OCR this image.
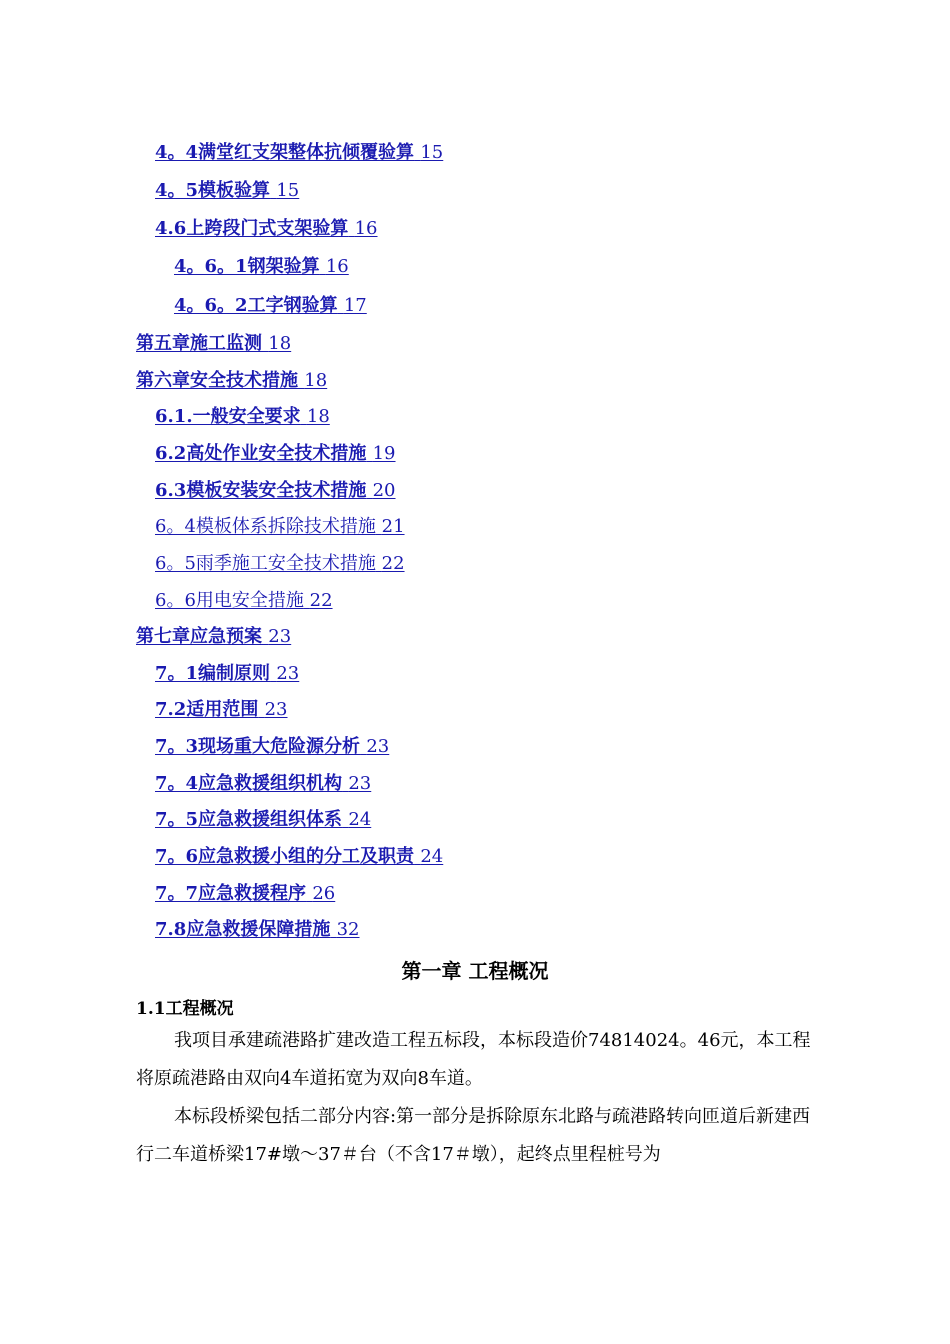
4。4满堂红支架整体抗倾覆验算 15
4。5模板验算 15
4.6上跨段门式支架验算 16
4。6。1钢架验算 16
4。6。2工字钢验算 17
第五章施工监测 18
第六章安全技术措施 18
6.1.一般安全要求 18
6.2高处作业安全技术措施 19
6.3模板安装安全技术措施 20
6。4模板体系拆除技术措施 21
6。5雨季施工安全技术措施 22
6。6用电安全措施 22
第七章应急预案 23
7。1编制原则 23
7.2适用范围 23
7。3现场重大危险源分析 23
7。4应急救援组织机构 23
7。5应急救援组织体系 24
7。6应急救援小组的分工及职责 24
7。7应急救援程序 26
7.8应急救援保障措施 32
第一章 工程概况
1.1工程概况

我项目承建疏港路扩建改造工程五标段，本标段造价74814024。46元，本工程将原疏港路由双向4车道拓宽为双向8车道。

本标段桥梁包括二部分内容:第一部分是拆除原东北路与疏港路转向匝道后新建西行二车道桥梁17#墩～37＃台（不含17＃墩），起终点里程桩号为
